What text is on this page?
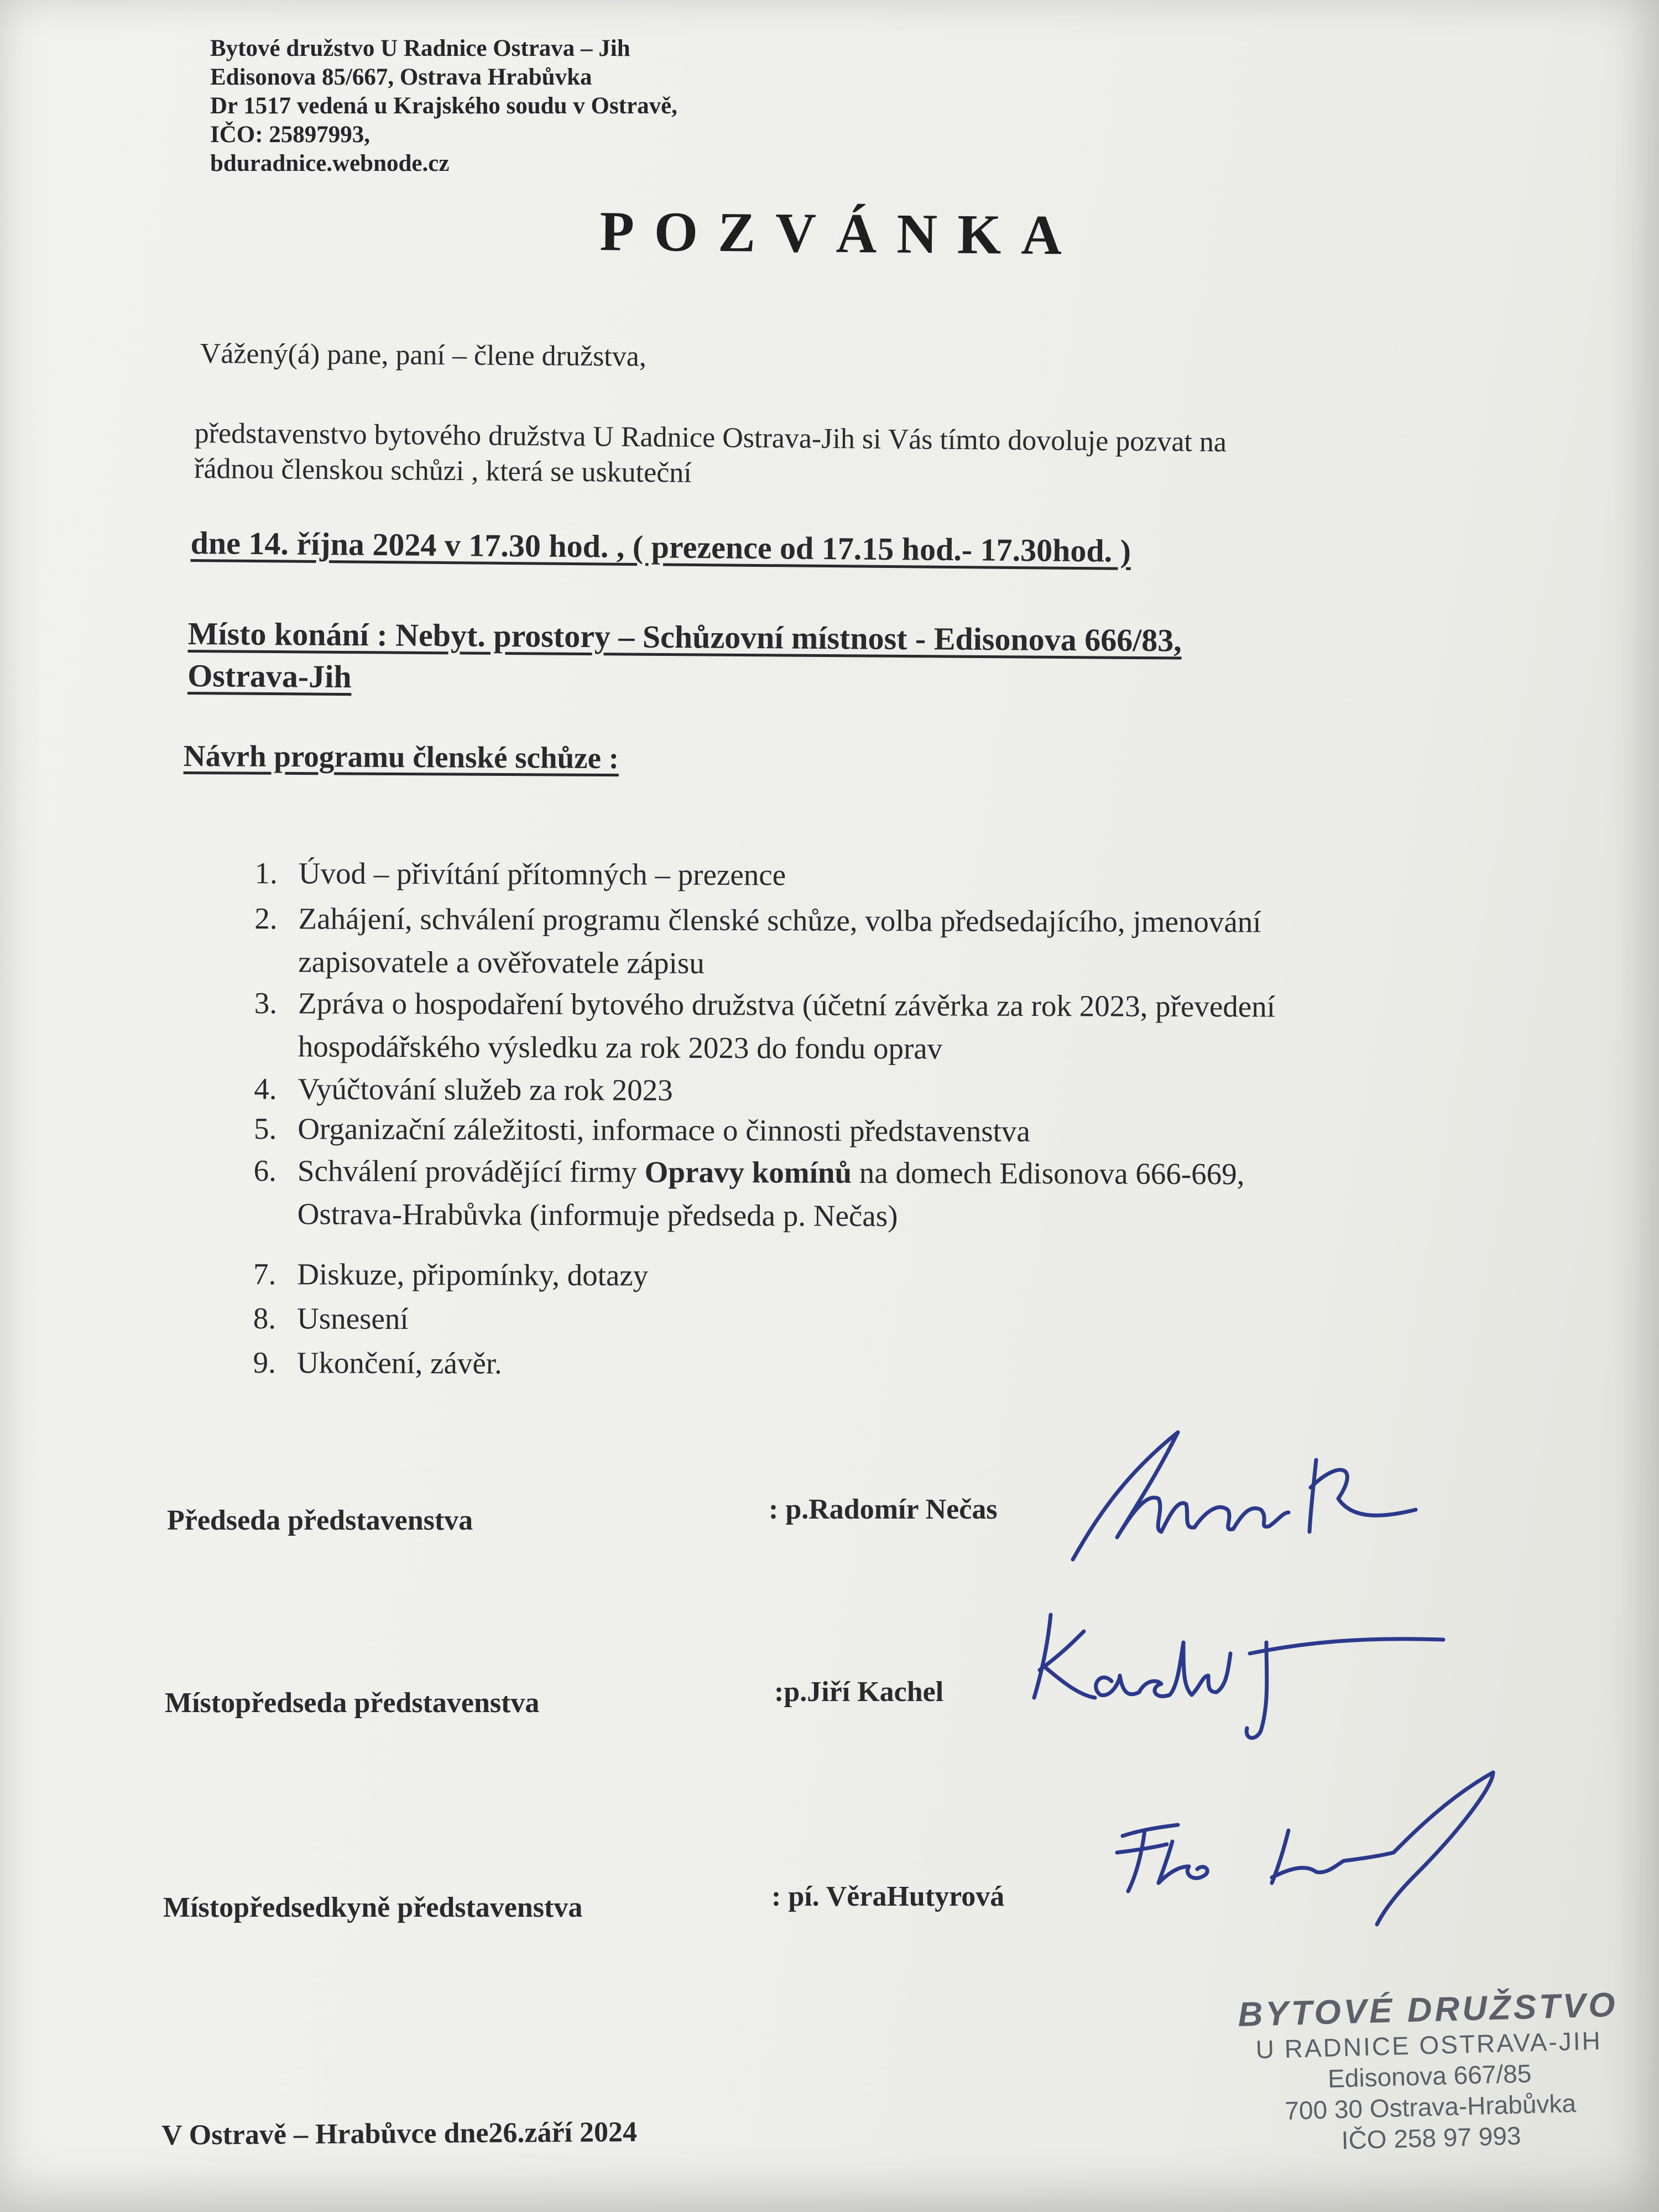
Bytové družstvo U Radnice Ostrava – Jih
Edisonova 85/667, Ostrava Hrabůvka
Dr 1517 vedená u Krajského soudu v Ostravě,
IČO: 25897993,
bduradnice.webnode.cz
POZVÁNKA
Vážený(á) pane, paní – člene družstva,
představenstvo bytového družstva U Radnice Ostrava-Jih si Vás tímto dovoluje pozvat na
řádnou členskou schůzi , která se uskuteční
dne 14. října 2024 v 17.30 hod. , ( prezence od 17.15 hod.- 17.30hod. )
Místo konání : Nebyt. prostory – Schůzovní místnost - Edisonova 666/83,
Ostrava-Jih
Návrh programu členské schůze :
1. Úvod – přivítání přítomných – prezence
2. Zahájení, schválení programu členské schůze, volba předsedajícího, jmenování
zapisovatele a ověřovatele zápisu
3. Zpráva o hospodaření bytového družstva (účetní závěrka za rok 2023, převedení
hospodářského výsledku za rok 2023 do fondu oprav
4. Vyúčtování služeb za rok 2023
5. Organizační záležitosti, informace o činnosti představenstva
6. Schválení provádějící firmy Opravy komínů na domech Edisonova 666-669,
Ostrava-Hrabůvka (informuje předseda p. Nečas)
7. Diskuze, připomínky, dotazy
8. Usnesení
9. Ukončení, závěr.
Předseda představenstva	: p.Radomír Nečas
Místopředseda představenstva	:p.Jiří Kachel
Místopředsedkyně představenstva	: pí. VěraHutyrová
BYTOVÉ DRUŽSTVO
U RADNICE OSTRAVA-JIH
Edisonova 667/85
700 30 Ostrava-Hrabůvka
IČO 258 97 993
V Ostravě – Hrabůvce dne26.září 2024
